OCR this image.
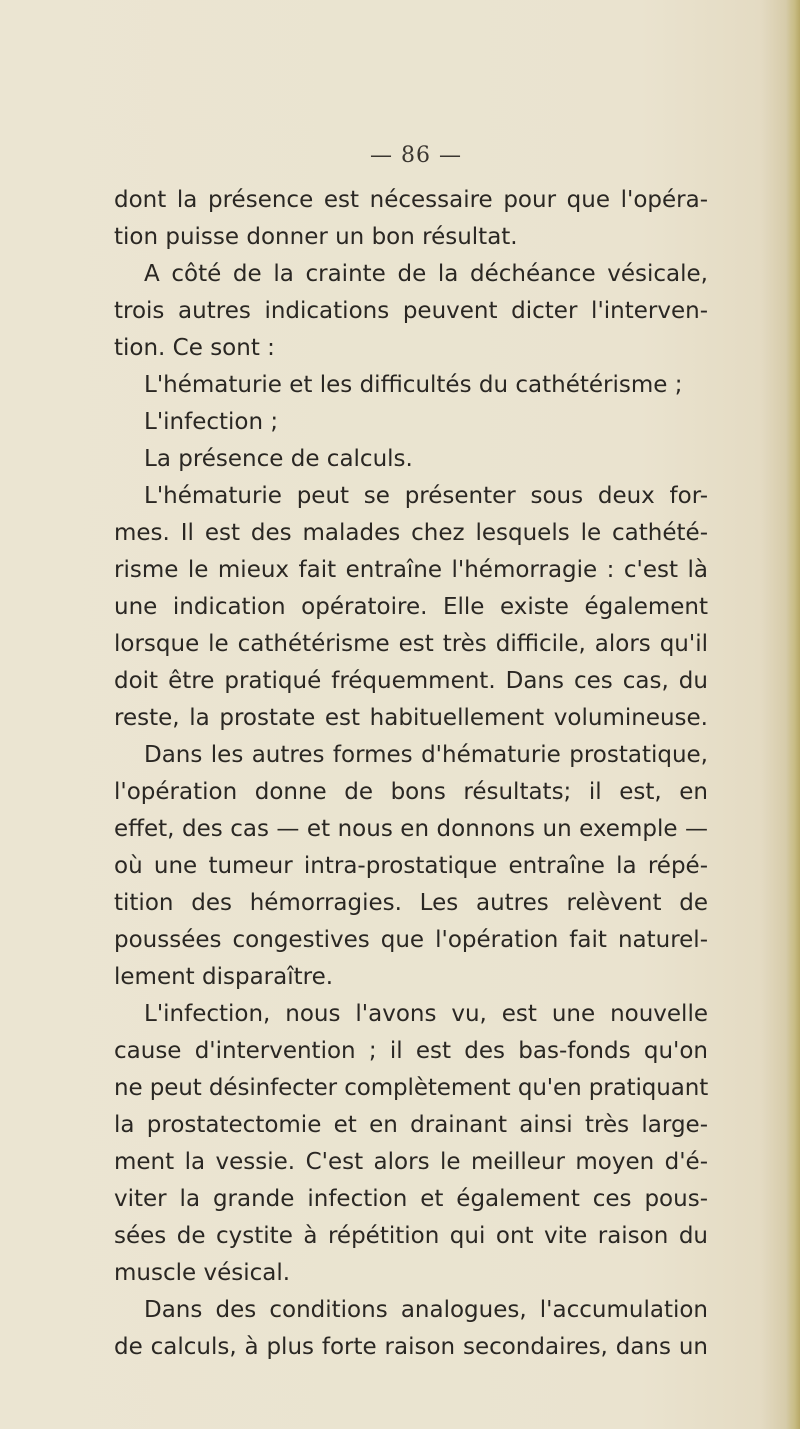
— 86 —
dont la présence est nécessaire pour que l'opéra-
tion puisse donner un bon résultat.
A côté de la crainte de la déchéance vésicale,
trois autres indications peuvent dicter l'interven-
tion. Ce sont :
L'hématurie et les difficultés du cathétérisme ;
L'infection ;
La présence de calculs.
L'hématurie peut se présenter sous deux for-
mes. Il est des malades chez lesquels le cathété-
risme le mieux fait entraîne l'hémorragie : c'est là
une indication opératoire. Elle existe également
lorsque le cathétérisme est très difficile, alors qu'il
doit être pratiqué fréquemment. Dans ces cas, du
reste, la prostate est habituellement volumineuse.
Dans les autres formes d'hématurie prostatique,
l'opération donne de bons résultats; il est, en
effet, des cas — et nous en donnons un exemple —
où une tumeur intra-prostatique entraîne la répé-
tition des hémorragies. Les autres relèvent de
poussées congestives que l'opération fait naturel-
lement disparaître.
L'infection, nous l'avons vu, est une nouvelle
cause d'intervention ; il est des bas-fonds qu'on
ne peut désinfecter complètement qu'en pratiquant
la prostatectomie et en drainant ainsi très large-
ment la vessie. C'est alors le meilleur moyen d'é-
viter la grande infection et également ces pous-
sées de cystite à répétition qui ont vite raison du
muscle vésical.
Dans des conditions analogues, l'accumulation
de calculs, à plus forte raison secondaires, dans un
